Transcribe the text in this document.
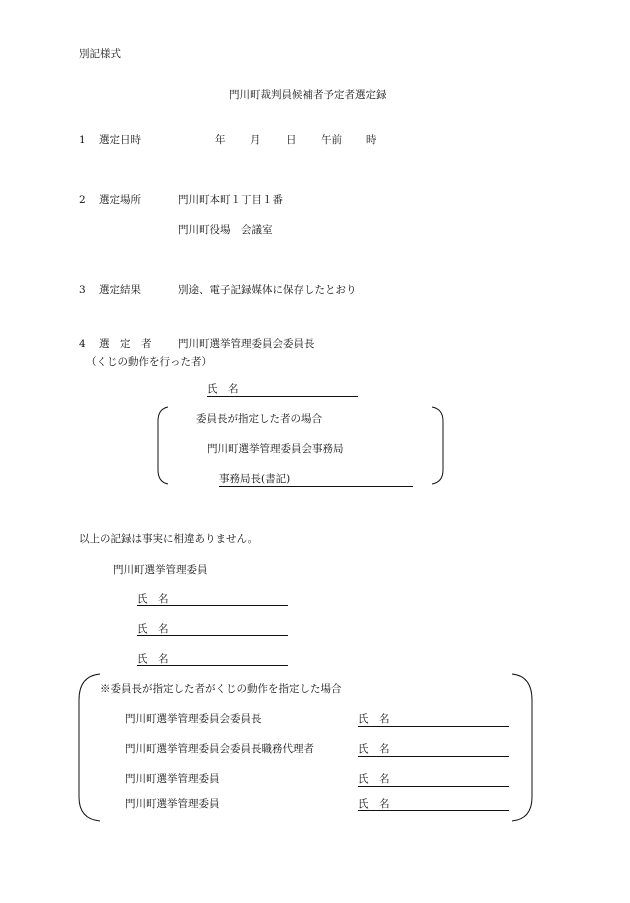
別記様式
門川町裁判員候補者予定者選定録
1 選定日時	年 月 日 午前 時
2 選定場所	門川町本町１丁目１番
門川町役場　会議室
3 選定結果	別途、電子記録媒体に保存したとおり
4 選　定　者	門川町選挙管理委員会委員長
（くじの動作を行った者）
氏　名
委員長が指定した者の場合
門川町選挙管理委員会事務局
事務局長(書記)
以上の記録は事実に相違ありません。
門川町選挙管理委員
氏　名
氏　名
氏　名
※委員長が指定した者がくじの動作を指定した場合
門川町選挙管理委員会委員長	氏　名
門川町選挙管理委員会委員長職務代理者	氏　名
門川町選挙管理委員	氏　名
門川町選挙管理委員	氏　名
